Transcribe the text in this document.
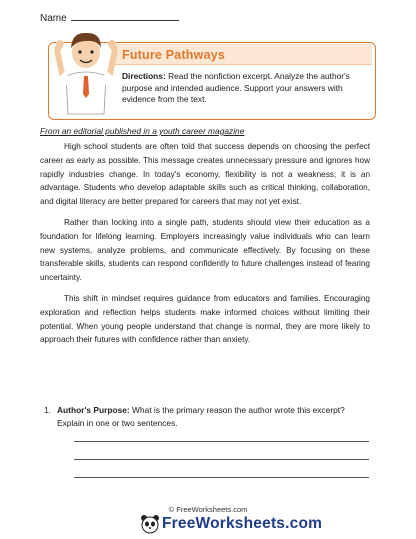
Name
Future Pathways
Directions: Read the nonfiction excerpt. Analyze the author's purpose and intended audience. Support your answers with evidence from the text.
From an editorial published in a youth career magazine

High school students are often told that success depends on choosing the perfect career as early as possible. This message creates unnecessary pressure and ignores how rapidly industries change. In today's economy, flexibility is not a weakness; it is an advantage. Students who develop adaptable skills such as critical thinking, collaboration, and digital literacy are better prepared for careers that may not yet exist.

Rather than locking into a single path, students should view their education as a foundation for lifelong learning. Employers increasingly value individuals who can learn new systems, analyze problems, and communicate effectively. By focusing on these transferable skills, students can respond confidently to future challenges instead of fearing uncertainty.

This shift in mindset requires guidance from educators and families. Encouraging exploration and reflection helps students make informed choices without limiting their potential. When young people understand that change is normal, they are more likely to approach their futures with confidence rather than anxiety.

1. Author's Purpose: What is the primary reason the author wrote this excerpt? Explain in one or two sentences.
© FreeWorksheets.com
FreeWorksheets.com
